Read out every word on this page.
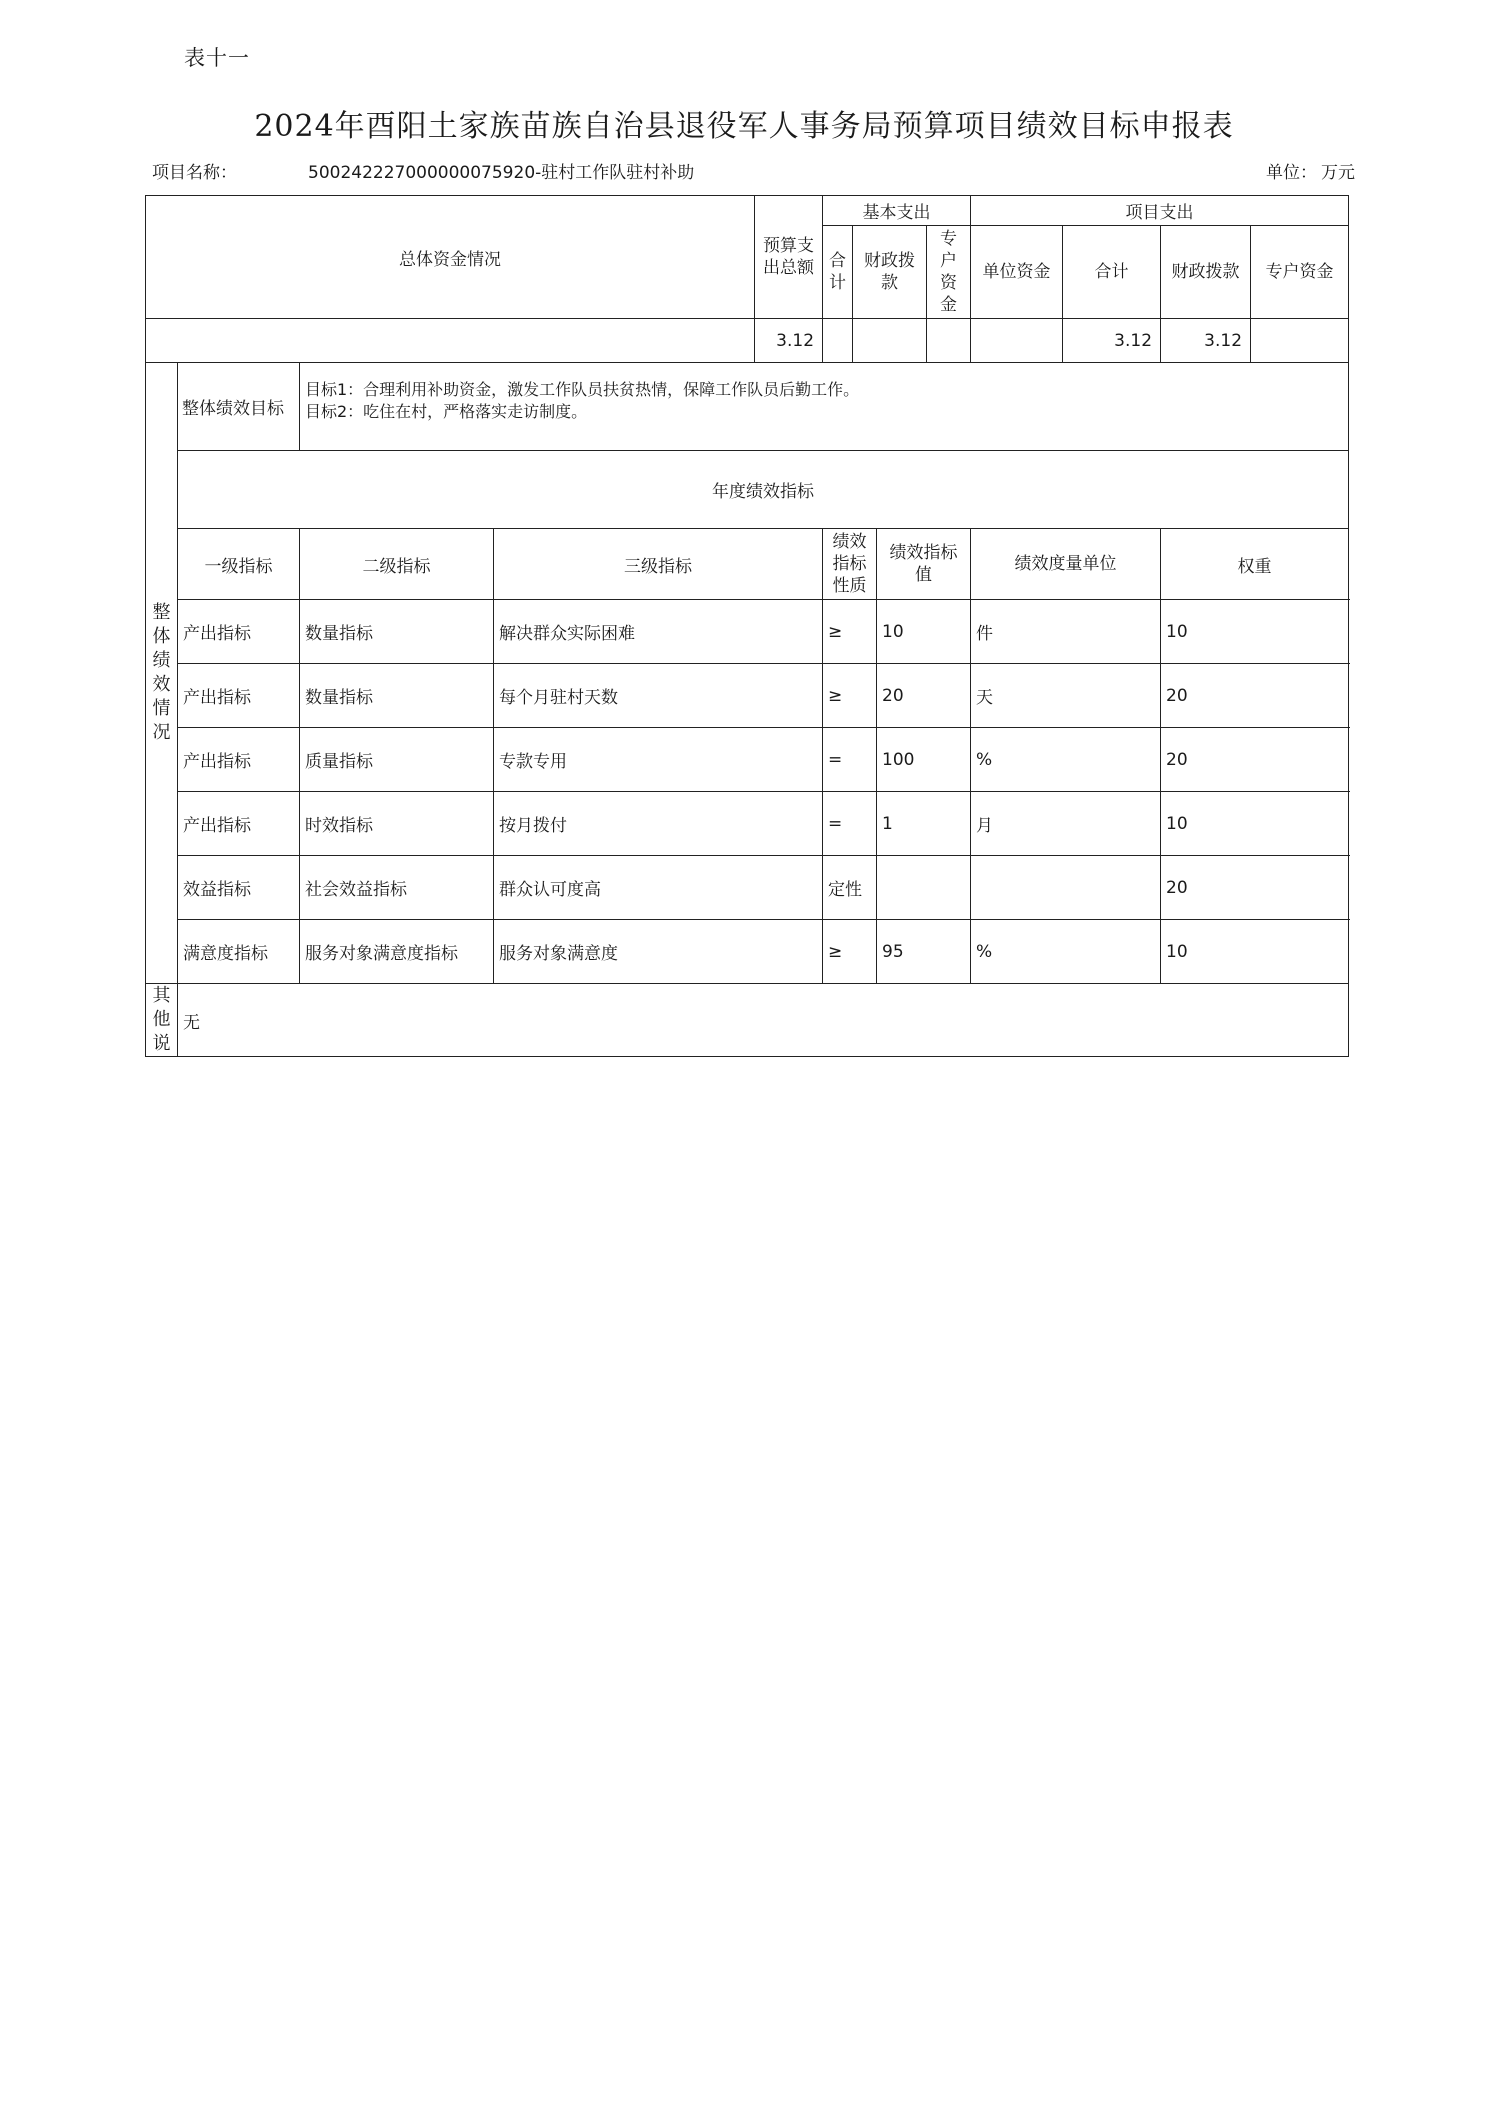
表十一
2024年酉阳土家族苗族自治县退役军人事务局预算项目绩效目标申报表
项目名称：	500242227000000075920-驻村工作队驻村补助	单位： 万元
总体资金情况				预算支出总额	基本支出				项目支出				
					合计	财政拨款		专户资金	单位资金	合计	财政拨款	专户资金	
				3.12						3.12	3.12		

整体绩效情况	整体绩效目标	目标1：合理利用补助资金，激发工作队员扶贫热情，保障工作队员后勤工作。
目标2：吃住在村，严格落实走访制度。											

	年度绩效指标												
	一级指标	二级指标	三级指标		绩效指标性质		绩效指标值		绩效度量单位		权重		
	产出指标	数量指标	解决群众实际困难		≥		10		件		10		
	产出指标	数量指标	每个月驻村天数		≥		20		天		20		
	产出指标	质量指标	专款专用		=		100		%		20		
	产出指标	时效指标	按月拨付		=		1		月		10		
	效益指标	社会效益指标	群众认可度高		定性						20		
	满意度指标	服务对象满意度指标	服务对象满意度		≥		95		%		10		

其他说	无												
